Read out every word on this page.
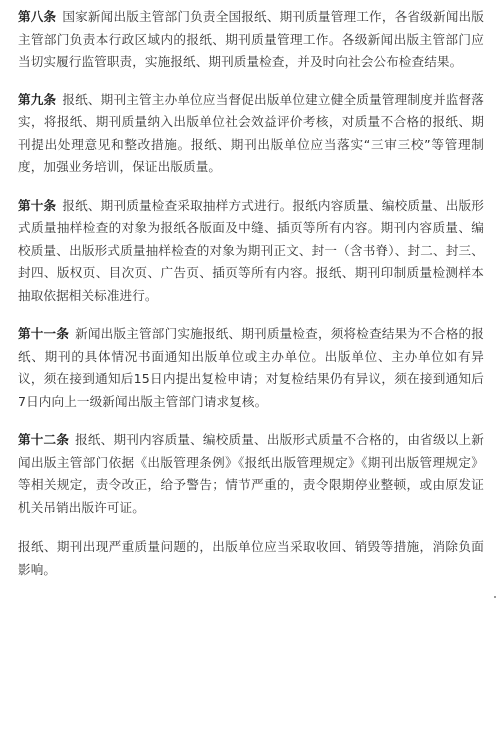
第八条 国家新闻出版主管部门负责全国报纸、期刊质量管理工作，各省级新闻出版主管部门负责本行政区域内的报纸、期刊质量管理工作。各级新闻出版主管部门应当切实履行监管职责，实施报纸、期刊质量检查，并及时向社会公布检查结果。

第九条 报纸、期刊主管主办单位应当督促出版单位建立健全质量管理制度并监督落实，将报纸、期刊质量纳入出版单位社会效益评价考核，对质量不合格的报纸、期刊提出处理意见和整改措施。报纸、期刊出版单位应当落实“三审三校”等管理制度，加强业务培训，保证出版质量。

第十条 报纸、期刊质量检查采取抽样方式进行。报纸内容质量、编校质量、出版形式质量抽样检查的对象为报纸各版面及中缝、插页等所有内容。期刊内容质量、编校质量、出版形式质量抽样检查的对象为期刊正文、封一（含书脊）、封二、封三、封四、版权页、目次页、广告页、插页等所有内容。报纸、期刊印制质量检测样本抽取依据相关标准进行。

第十一条 新闻出版主管部门实施报纸、期刊质量检查，须将检查结果为不合格的报纸、期刊的具体情况书面通知出版单位或主办单位。出版单位、主办单位如有异议，须在接到通知后15日内提出复检申请；对复检结果仍有异议，须在接到通知后7日内向上一级新闻出版主管部门请求复核。

第十二条 报纸、期刊内容质量、编校质量、出版形式质量不合格的，由省级以上新闻出版主管部门依据《出版管理条例》《报纸出版管理规定》《期刊出版管理规定》等相关规定，责令改正，给予警告；情节严重的，责令限期停业整顿，或由原发证机关吊销出版许可证。

报纸、期刊出现严重质量问题的，出版单位应当采取收回、销毁等措施，消除负面影响。
